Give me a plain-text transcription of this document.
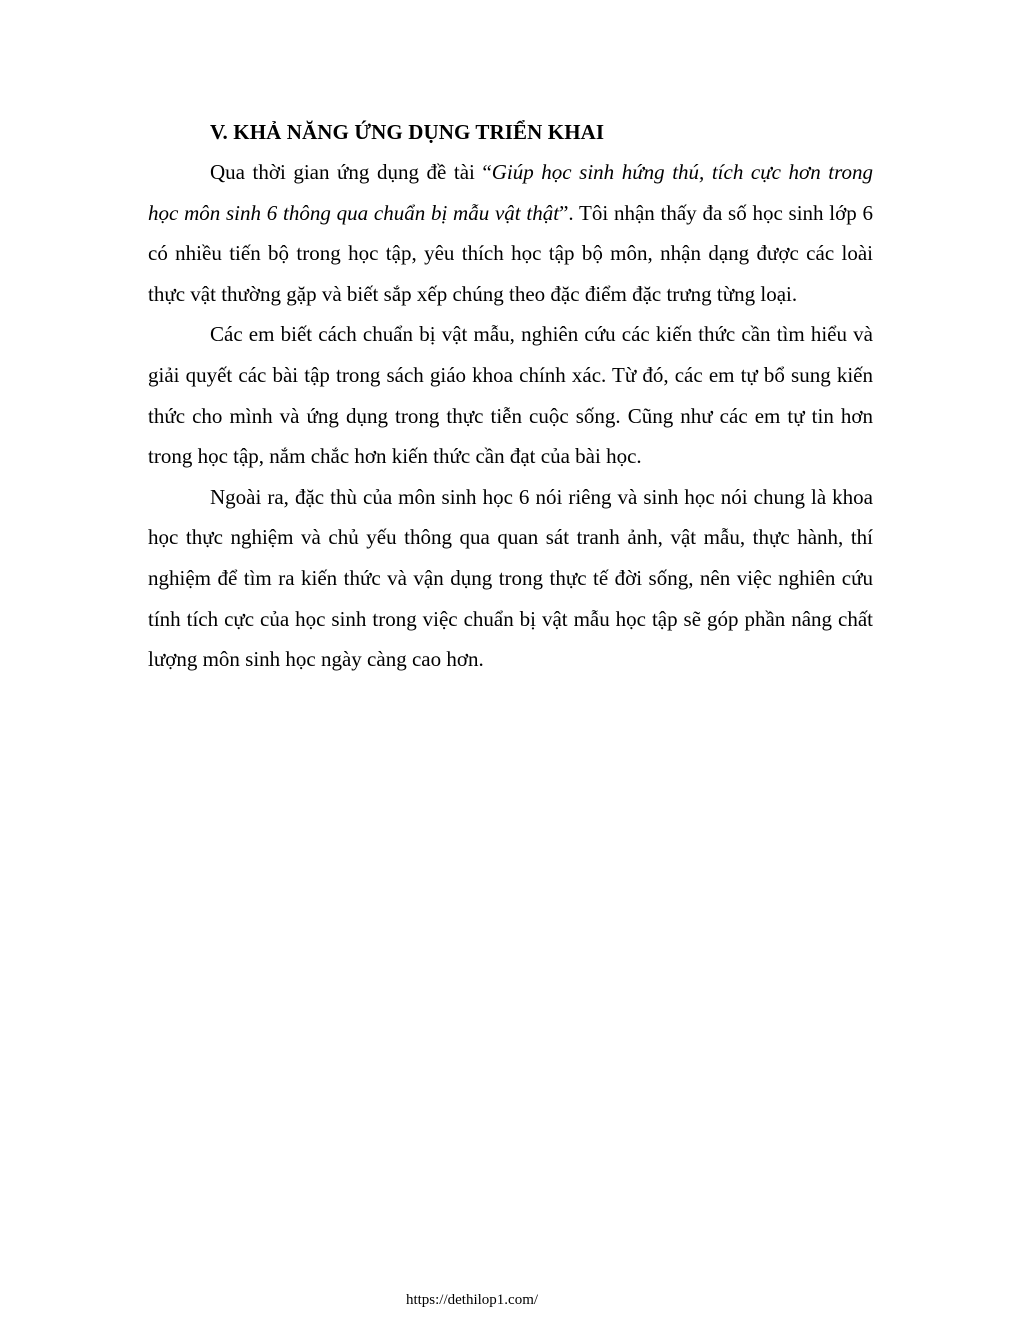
V. KHẢ NĂNG ỨNG DỤNG TRIỂN KHAI

Qua thời gian ứng dụng đề tài “Giúp học sinh hứng thú, tích cực hơn trong học môn sinh 6 thông qua chuẩn bị mẫu vật thật”. Tôi nhận thấy đa số học sinh lớp 6 có nhiều tiến bộ trong học tập, yêu thích học tập bộ môn, nhận dạng được các loài thực vật thường gặp và biết sắp xếp chúng theo đặc điểm đặc trưng từng loại.

Các em biết cách chuẩn bị vật mẫu, nghiên cứu các kiến thức cần tìm hiểu và giải quyết các bài tập trong sách giáo khoa chính xác. Từ đó, các em tự bổ sung kiến thức cho mình và ứng dụng trong thực tiễn cuộc sống. Cũng như các em tự tin hơn trong học tập, nắm chắc hơn kiến thức cần đạt của bài học.

Ngoài ra, đặc thù của môn sinh học 6 nói riêng và sinh học nói chung là khoa học thực nghiệm và chủ yếu thông qua quan sát tranh ảnh, vật mẫu, thực hành, thí nghiệm để tìm ra kiến thức và vận dụng trong thực tế đời sống, nên việc nghiên cứu tính tích cực của học sinh trong việc chuẩn bị vật mẫu học tập sẽ góp phần nâng chất lượng môn sinh học ngày càng cao hơn.

https://dethilop1.com/
